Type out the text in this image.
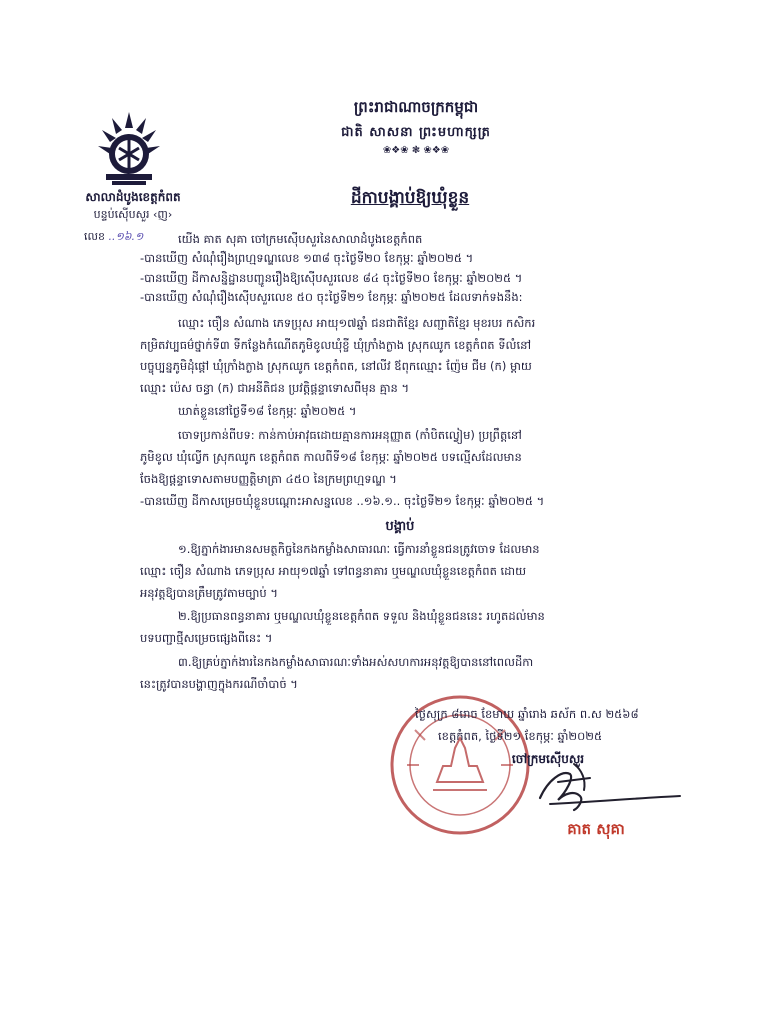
ព្រះរាជាណាចក្រកម្ពុជា
ជាតិ សាសនា ព្រះមហាក្សត្រ
❀❖❀ ❃ ❀❖❀
សាលាដំបូងខេត្តកំពត
បន្ទប់ស៊ើបសួរ ‹ញ›
លេខ ..១៦.១
ដីកាបង្គាប់ឱ្យឃុំខ្លួន
យើង គាត សុគា ចៅក្រមស៊ើបសួរនៃសាលាដំបូងខេត្តកំពត
-បានឃើញ សំណុំរឿងព្រហ្មទណ្ឌលេខ ១៣៨ ចុះថ្ងៃទី២០ ខែកុម្ភៈ ឆ្នាំ២០២៥ ។
-បានឃើញ ដីកាសន្និដ្ឋានបញ្ជូនរឿងឱ្យស៊ើបសួរលេខ ៨៤ ចុះថ្ងៃទី២០ ខែកុម្ភៈ ឆ្នាំ២០២៥ ។
-បានឃើញ សំណុំរឿងស៊ើបសួរលេខ ៥០ ចុះថ្ងៃទី២១ ខែកុម្ភៈ ឆ្នាំ២០២៥ ដែលទាក់ទងនឹង:
ឈ្មោះ ចឿន សំណាង ភេទប្រុស អាយុ១៧ឆ្នាំ ជនជាតិខ្មែរ សញ្ជាតិខ្មែរ មុខរបរ កសិករ
កម្រិតវប្បធម៌ថ្នាក់ទី៣ ទីកន្លែងកំណើតភូមិខូលឃុំខ្ចី ឃុំក្រាំងក្ងាង ស្រុកឈូក ខេត្តកំពត ទីលំនៅ
បច្ចុប្បន្នភូមិដុំផ្តៅ ឃុំក្រាំងក្ងាង ស្រុកឈូក ខេត្តកំពត, នៅលីវ ឪពុកឈ្មោះ ញ៉ែម ជីម (ក) ម្ដាយ
ឈ្មោះ ប៉េស ចន្ធា (ក) ជាអនីតិជន ប្រវត្តិផ្ដន្ទាទោសពីមុន គ្មាន ។
ឃាត់ខ្លួននៅថ្ងៃទី១៨ ខែកុម្ភៈ ឆ្នាំ២០២៥ ។
ចោទប្រកាន់ពីបទ: កាន់កាប់អាវុធដោយគ្មានការអនុញ្ញាត (កាំបិតល្វៀម) ប្រព្រឹត្តនៅ
ភូមិខូល ឃុំល្វើក ស្រុកឈូក ខេត្តកំពត កាលពីទី១៨ ខែកុម្ភៈ ឆ្នាំ២០២៥ បទល្មើសដែលមាន
ចែងឱ្យផ្ដន្ទាទោសតាមបញ្ញត្តិមាត្រា ៤៥០ នៃក្រមព្រហ្មទណ្ឌ ។
-បានឃើញ ដីកាសម្រេចឃុំខ្លួនបណ្ដោះអាសន្នលេខ ..១៦.១.. ចុះថ្ងៃទី២១ ខែកុម្ភៈ ឆ្នាំ២០២៥ ។
បង្គាប់
១.ឱ្យភ្នាក់ងារមានសមត្ថកិច្ចនៃកងកម្លាំងសាធារណៈ ធ្វើការនាំខ្លួនជនត្រូវចោទ ដែលមាន
ឈ្មោះ ចឿន សំណាង ភេទប្រុស អាយុ១៧ឆ្នាំ ទៅពន្ធនាគារ ឬមណ្ឌលឃុំខ្លួនខេត្តកំពត ដោយ
អនុវត្តឱ្យបានត្រឹមត្រូវតាមច្បាប់ ។
២.ឱ្យប្រធានពន្ធនាគារ ឬមណ្ឌលឃុំខ្លួនខេត្តកំពត ទទួល និងឃុំខ្លួនជននេះ រហូតដល់មាន
បទបញ្ជាថ្មីសម្រេចផ្សេងពីនេះ ។
៣.ឱ្យគ្រប់ភ្នាក់ងារនៃកងកម្លាំងសាធារណៈទាំងអស់សហការអនុវត្តឱ្យបាននៅពេលដីកា
នេះត្រូវបានបង្ហាញក្នុងករណីចាំបាច់ ។
ថ្ងៃសុក្រ ៨រោច ខែមាឃ ឆ្នាំរោង ឆស័ក ព.ស ២៥៦៨
ខេត្តកំពត, ថ្ងៃទី២១ ខែកុម្ភៈ ឆ្នាំ២០២៥
ចៅក្រមស៊ើបសួរ
គាត សុគា
